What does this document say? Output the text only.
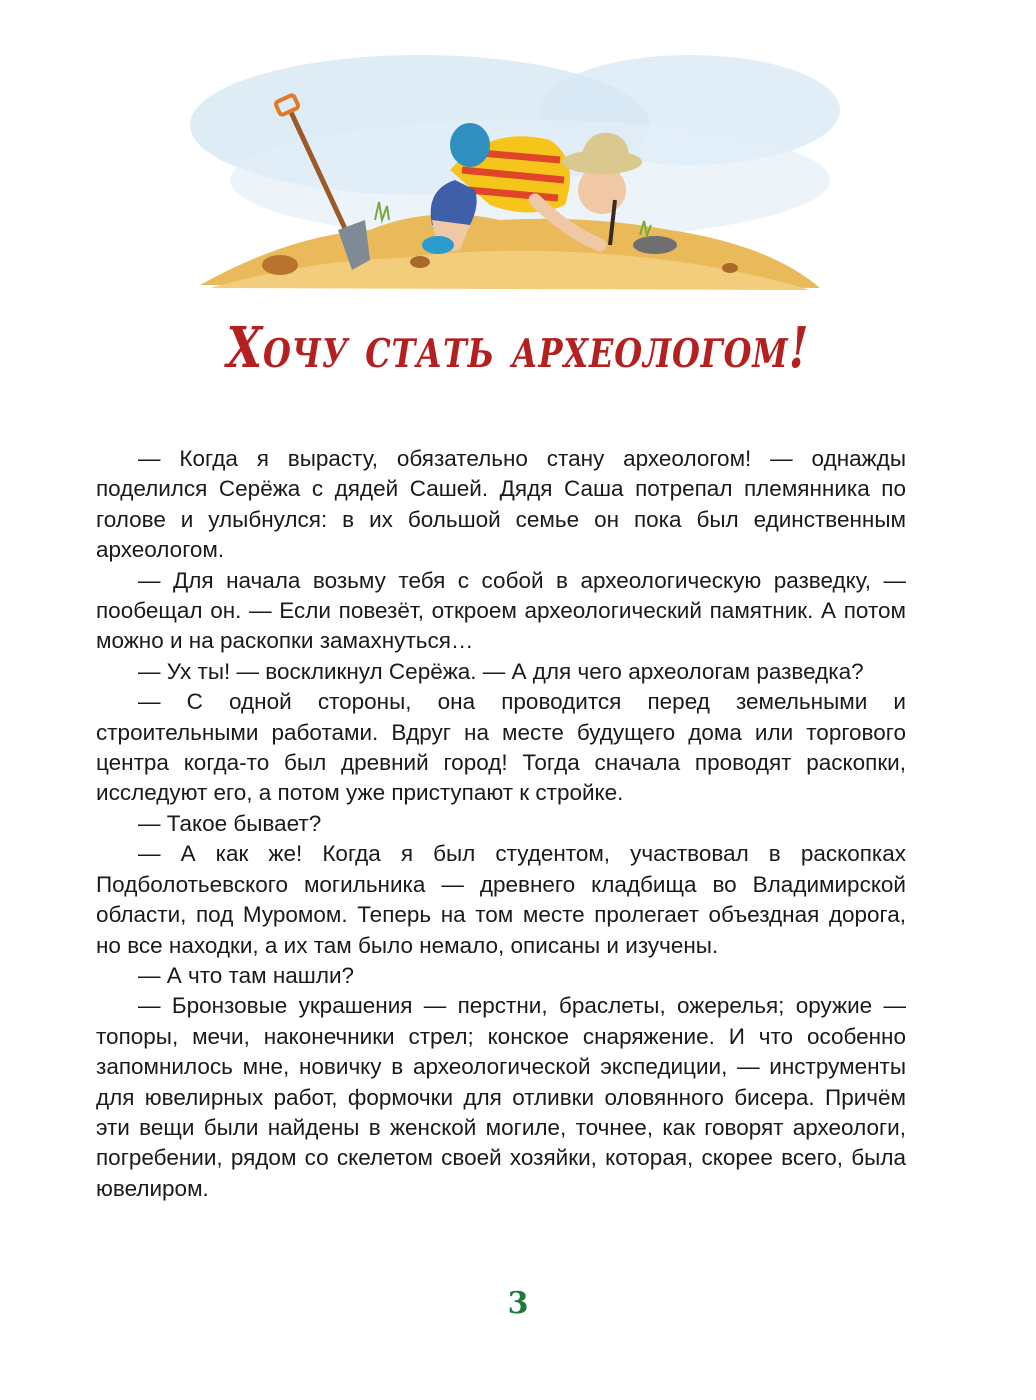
Хочу стать археологом!

— Когда я вырасту, обязательно стану археологом! — однажды поделился Серёжа с дядей Сашей. Дядя Саша потрепал племянника по голове и улыбнулся: в их большой семье он пока был единственным археологом.

— Для начала возьму тебя с собой в археологическую разведку, — пообещал он. — Если повезёт, откроем археологический памятник. А потом можно и на раскопки замахнуться…

— Ух ты! — воскликнул Серёжа. — А для чего археологам разведка?

— С одной стороны, она проводится перед земельными и строительными работами. Вдруг на месте будущего дома или торгового центра когда-то был древний город! Тогда сначала проводят раскопки, исследуют его, а потом уже приступают к стройке.

— Такое бывает?

— А как же! Когда я был студентом, участвовал в раскопках Подболотьевского могильника — древнего кладбища во Владимирской области, под Муромом. Теперь на том месте пролегает объездная дорога, но все находки, а их там было немало, описаны и изучены.

— А что там нашли?

— Бронзовые украшения — перстни, браслеты, ожерелья; оружие — топоры, мечи, наконечники стрел; конское снаряжение. И что особенно запомнилось мне, новичку в археологической экспедиции, — инструменты для ювелирных работ, формочки для отливки оловянного бисера. Причём эти вещи были найдены в женской могиле, точнее, как говорят археологи, погребении, рядом со скелетом своей хозяйки, которая, скорее всего, была ювелиром.

3
